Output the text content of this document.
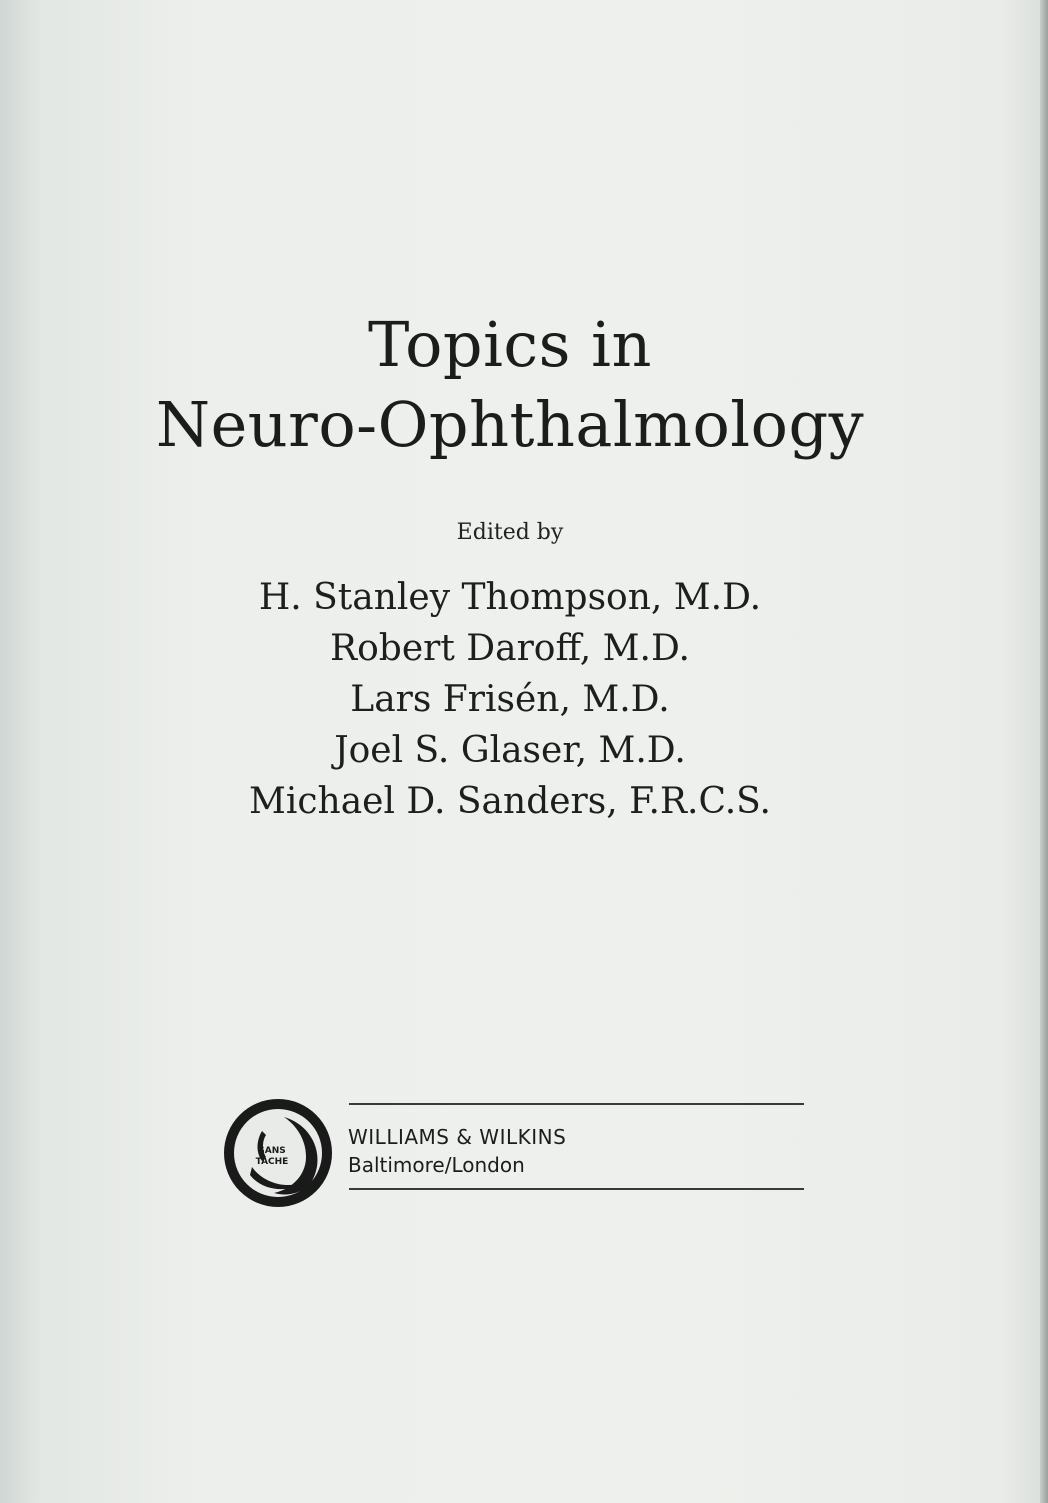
Topics in
Neuro-Ophthalmology
Edited by
H. Stanley Thompson, M.D.
Robert Daroff, M.D.
Lars Frisén, M.D.
Joel S. Glaser, M.D.
Michael D. Sanders, F.R.C.S.
SANS
TACHE
WILLIAMS & WILKINS
Baltimore/London
